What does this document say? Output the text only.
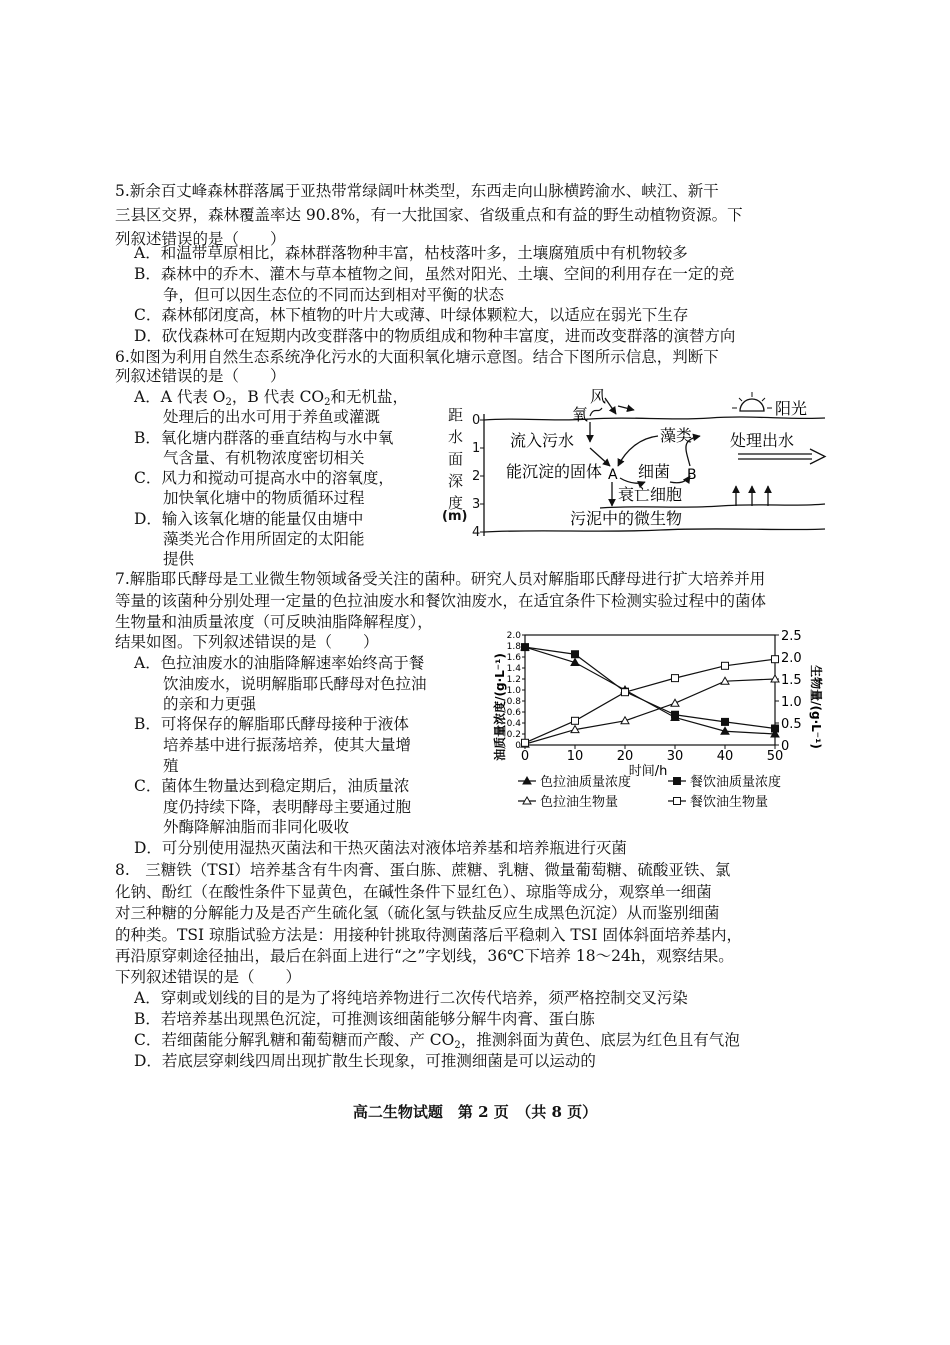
5.新余百丈峰森林群落属于亚热带常绿阔叶林类型，东西走向山脉横跨渝水、峡江、新干
三县区交界，森林覆盖率达 90.8%，有一大批国家、省级重点和有益的野生动植物资源。下
列叙述错误的是（　　）
A．和温带草原相比，森林群落物种丰富，枯枝落叶多，土壤腐殖质中有机物较多
B．森林中的乔木、灌木与草本植物之间，虽然对阳光、土壤、空间的利用存在一定的竞
争，但可以因生态位的不同而达到相对平衡的状态
C．森林郁闭度高，林下植物的叶片大或薄、叶绿体颗粒大，以适应在弱光下生存
D．砍伐森林可在短期内改变群落中的物质组成和物种丰富度，进而改变群落的演替方向
6.如图为利用自然生态系统净化污水的大面积氧化塘示意图。结合下图所示信息，判断下
列叙述错误的是（　　）
A．A 代表 $O_2$，B 代表 $CO_2$和无机盐，
处理后的出水可用于养鱼或灌溉
B．氧化塘内群落的垂直结构与水中氧
气含量、有机物浓度密切相关
C．风力和搅动可提高水中的溶氧度，
加快氧化塘中的物质循环过程
D．输入该氧化塘的能量仅由塘中
藻类光合作用所固定的太阳能
提供
距
水
面
深
度
(m)
0
1
2
3
4
风
氧	阳光
流入污水	藻类
A	B
处理出水
能沉淀的固体 细菌
衰亡细胞
污泥中的微生物
7.解脂耶氏酵母是工业微生物领域备受关注的菌种。研究人员对解脂耶氏酵母进行扩大培养并用
等量的该菌种分别处理一定量的色拉油废水和餐饮油废水，在适宜条件下检测实验过程中的菌体
生物量和油质量浓度（可反映油脂降解程度），
结果如图。下列叙述错误的是（　　）
A．色拉油废水的油脂降解速率始终高于餐
饮油废水，说明解脂耶氏酵母对色拉油
的亲和力更强
B．可将保存的解脂耶氏酵母接种于液体
培养基中进行振荡培养，使其大量增
殖
C．菌体生物量达到稳定期后，油质量浓
度仍持续下降，表明酵母主要通过胞
外酶降解油脂而非同化吸收
D．可分别使用湿热灭菌法和干热灭菌法对液体培养基和培养瓶进行灭菌
0	10	20	30	40	50
0
0.2
0.4
0.6
0.8
1.0
1.2
1.4
1.6
1.8
2.0
0
0.5
1.0
1.5
2.0
2.5
油质量浓度/(g·L⁻¹)	生物量/(g·L⁻¹)
时间/h
色拉油质量浓度	餐饮油质量浓度
色拉油生物量	餐饮油生物量
8.　三糖铁（TSI）培养基含有牛肉膏、蛋白胨、蔗糖、乳糖、微量葡萄糖、硫酸亚铁、氯
化钠、酚红（在酸性条件下显黄色，在碱性条件下显红色）、琼脂等成分，观察单一细菌
对三种糖的分解能力及是否产生硫化氢（硫化氢与铁盐反应生成黑色沉淀）从而鉴别细菌
的种类。TSI 琼脂试验方法是：用接种针挑取待测菌落后平稳刺入 TSI 固体斜面培养基内，
再沿原穿刺途径抽出，最后在斜面上进行“之”字划线，36℃下培养 18～24h，观察结果。
下列叙述错误的是（　　）
A．穿刺或划线的目的是为了将纯培养物进行二次传代培养，须严格控制交叉污染
B．若培养基出现黑色沉淀，可推测该细菌能够分解牛肉膏、蛋白胨
C．若细菌能分解乳糖和葡萄糖而产酸、产 $CO_2$，推测斜面为黄色、底层为红色且有气泡
D．若底层穿刺线四周出现扩散生长现象，可推测细菌是可以运动的
高二生物试题　第 2 页　（共 8 页）
